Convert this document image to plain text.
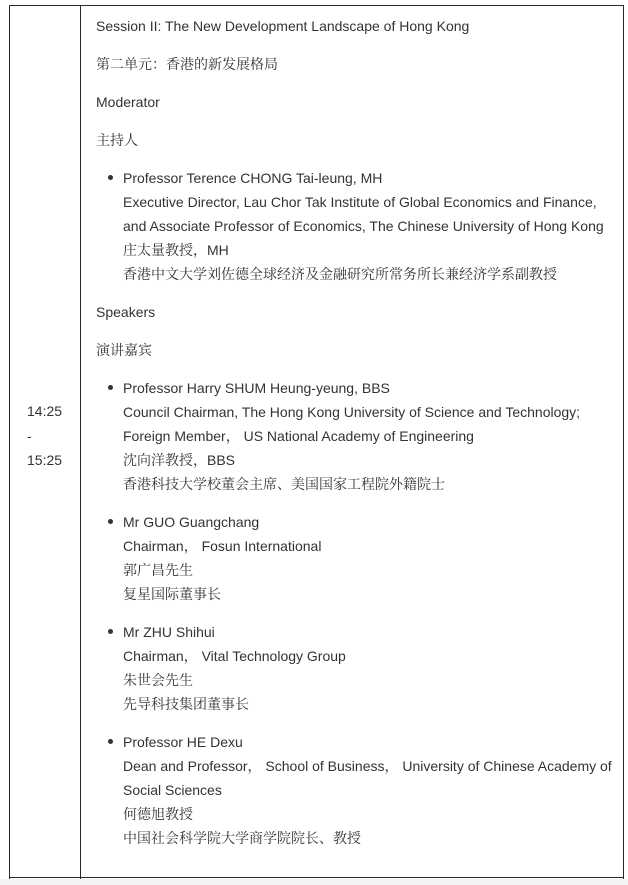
14:25
-
15:25

Session II: The New Development Landscape of Hong Kong

第二单元：香港的新发展格局

Moderator

主持人

Professor Terence CHONG Tai-leung, MH
Executive Director, Lau Chor Tak Institute of Global Economics and Finance, and Associate Professor of Economics, The Chinese University of Hong Kong
庄太量教授，MH
香港中文大学刘佐德全球经济及金融研究所常务所长兼经济学系副教授

Speakers

演讲嘉宾

Professor Harry SHUM Heung-yeung, BBS
Council Chairman, The Hong Kong University of Science and Technology;
Foreign Member， US National Academy of Engineering
沈向洋教授，BBS
香港科技大学校董会主席、美国国家工程院外籍院士
Mr GUO Guangchang
Chairman， Fosun International
郭广昌先生
复星国际董事长
Mr ZHU Shihui
Chairman， Vital Technology Group
朱世会先生
先导科技集团董事长
Professor HE Dexu
Dean and Professor， School of Business， University of Chinese Academy of Social Sciences
何德旭教授
中国社会科学院大学商学院院长、教授
